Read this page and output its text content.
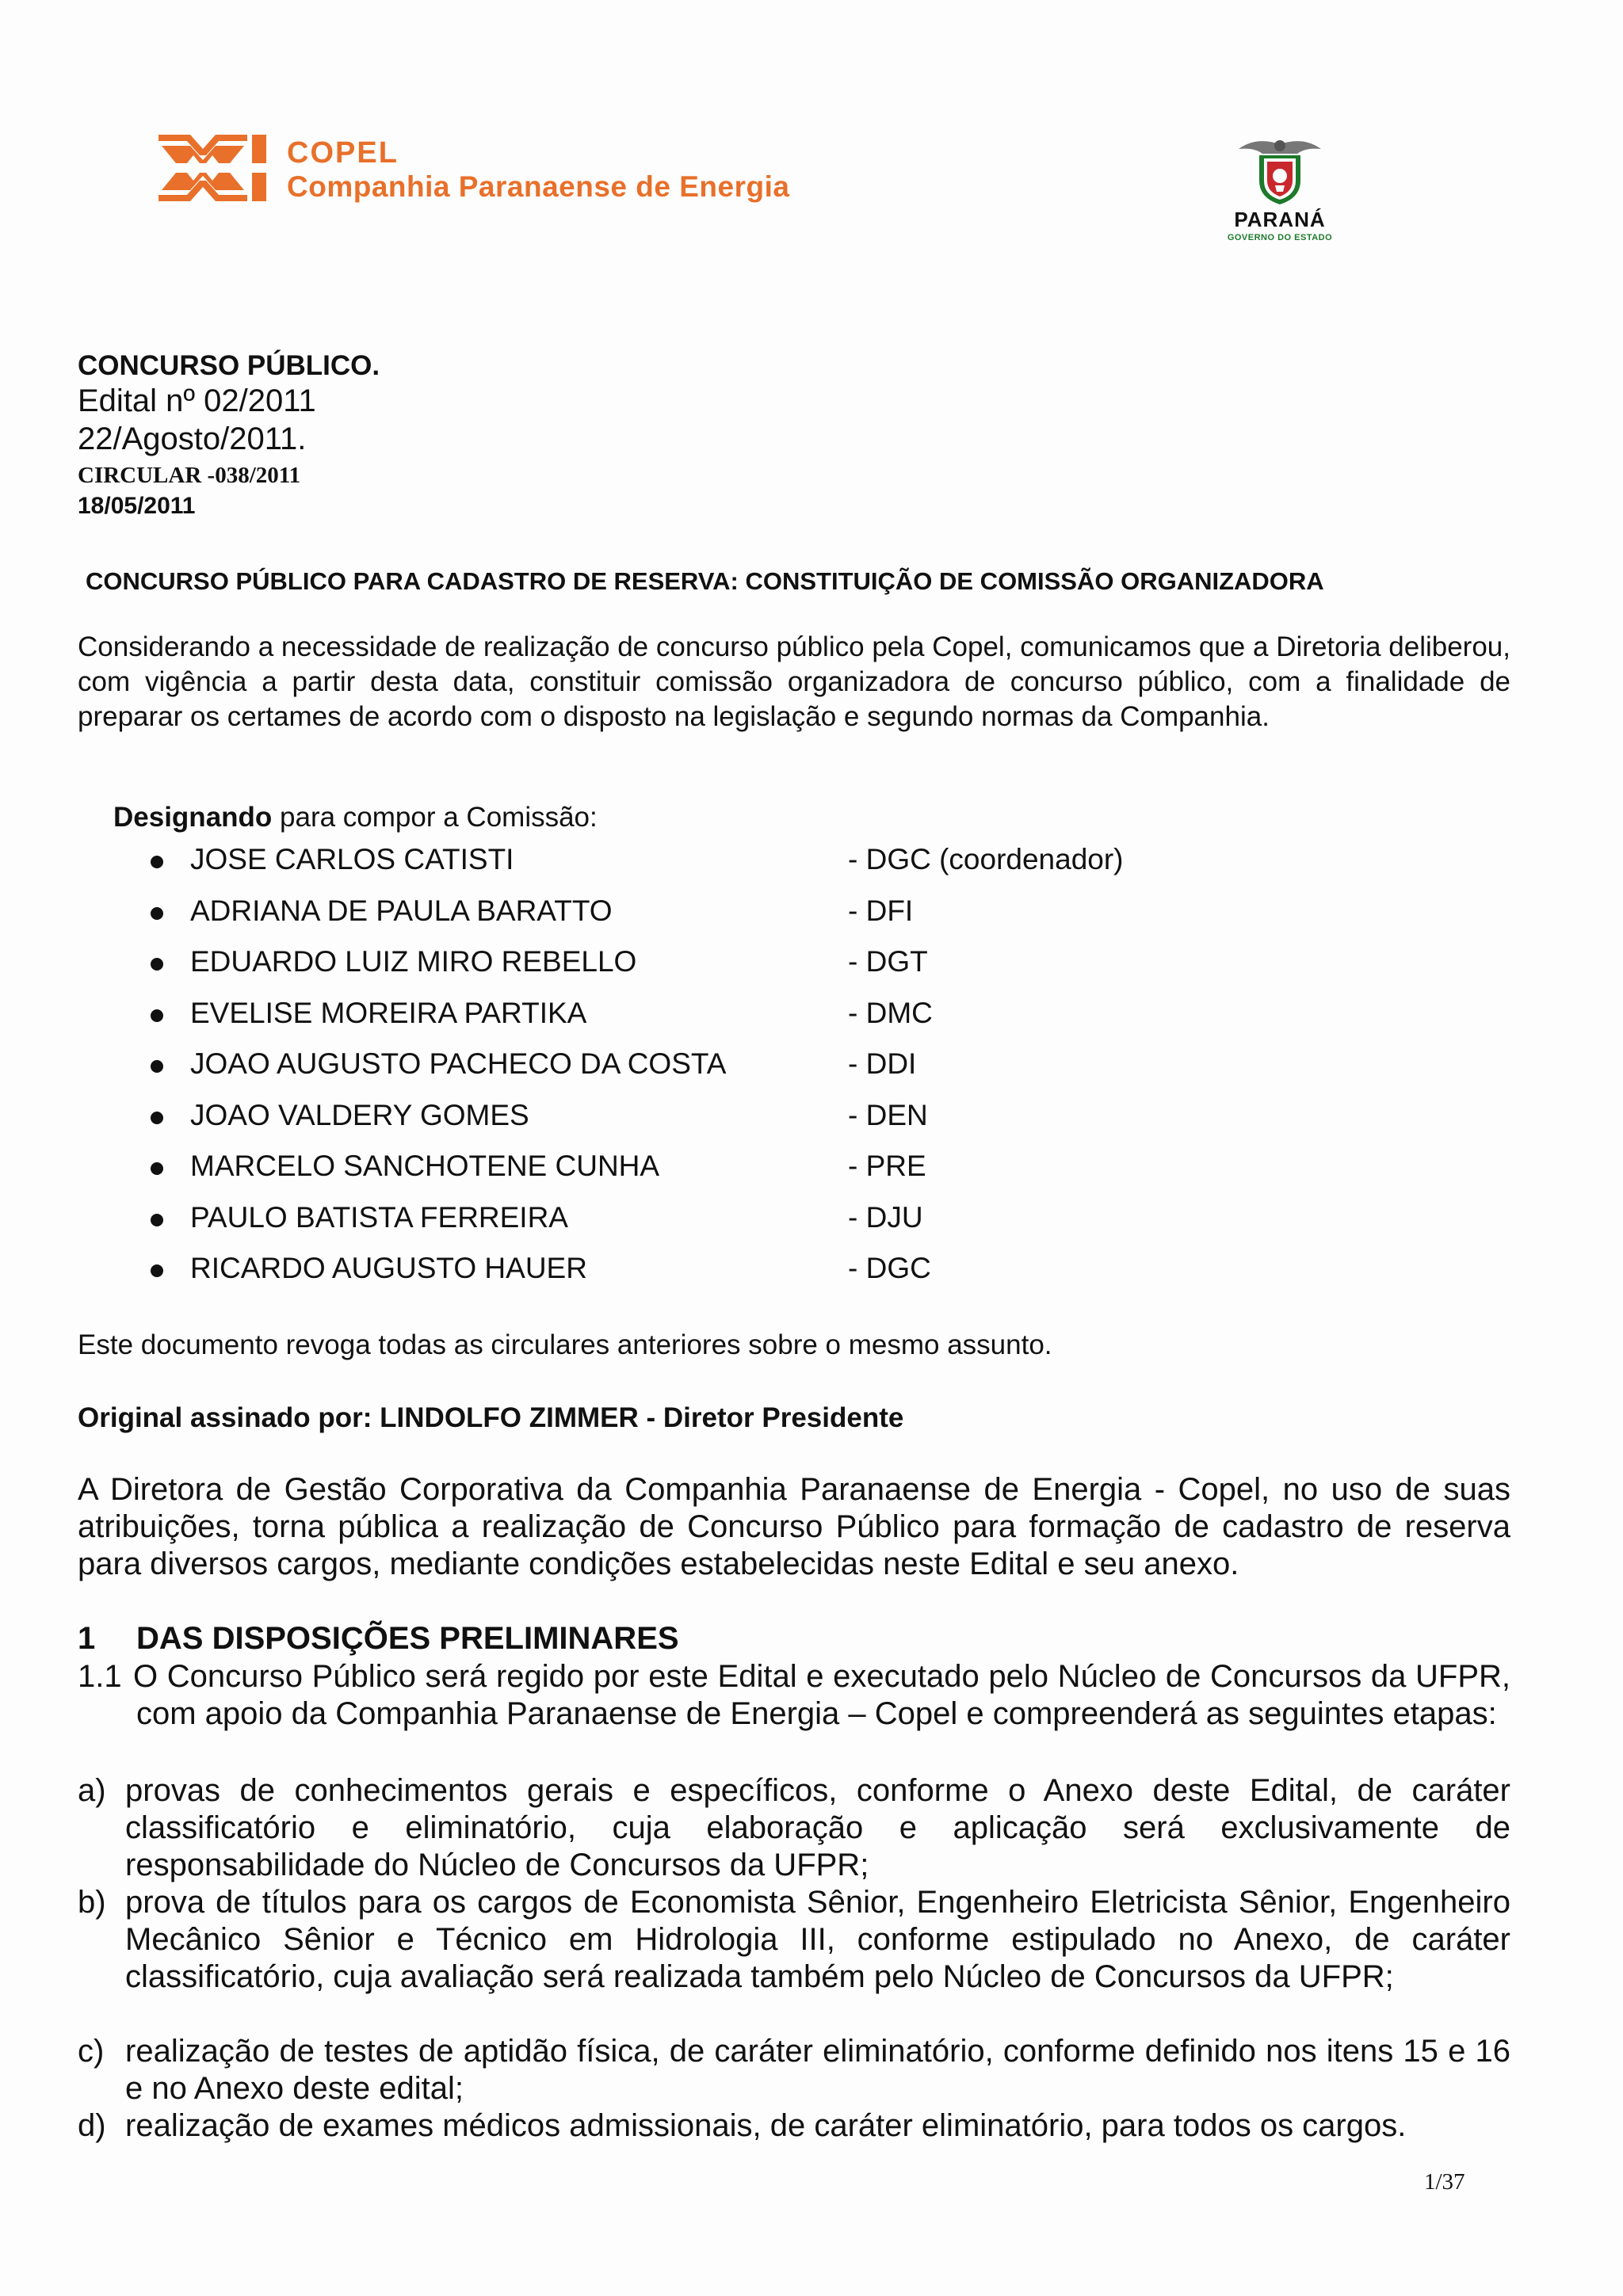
COPEL
Companhia Paranaense de Energia
PARANÁ
GOVERNO DO ESTADO

CONCURSO PÚBLICO.

Edital nº 02/2011

22/Agosto/2011.

CIRCULAR -038/2011

18/05/2011

CONCURSO PÚBLICO PARA CADASTRO DE RESERVA: CONSTITUIÇÃO DE COMISSÃO ORGANIZADORA

Considerando a necessidade de realização de concurso público pela Copel, comunicamos que a Diretoria deliberou, com vigência a partir desta data, constituir comissão organizadora de concurso público, com a finalidade de preparar os certames de acordo com o disposto na legislação e segundo normas da Companhia.

Designando para compor a Comissão:

JOSE CARLOS CATISTI	- DGC (coordenador)
ADRIANA DE PAULA BARATTO	- DFI
EDUARDO LUIZ MIRO REBELLO	- DGT
EVELISE MOREIRA PARTIKA	- DMC
JOAO AUGUSTO PACHECO DA COSTA	- DDI
JOAO VALDERY GOMES	- DEN
MARCELO SANCHOTENE CUNHA	- PRE
PAULO BATISTA FERREIRA	- DJU
RICARDO AUGUSTO HAUER	- DGC

Este documento revoga todas as circulares anteriores sobre o mesmo assunto.

Original assinado por: LINDOLFO ZIMMER - Diretor Presidente

A Diretora de Gestão Corporativa da Companhia Paranaense de Energia - Copel, no uso de suas atribuições, torna pública a realização de Concurso Público para formação de cadastro de reserva para diversos cargos, mediante condições estabelecidas neste Edital e seu anexo.

1 DAS DISPOSIÇÕES PRELIMINARES

1.1 O Concurso Público será regido por este Edital e executado pelo Núcleo de Concursos da UFPR, com apoio da Companhia Paranaense de Energia – Copel e compreenderá as seguintes etapas:

a) provas de conhecimentos gerais e específicos, conforme o Anexo deste Edital, de caráter classificatório e eliminatório, cuja elaboração e aplicação será exclusivamente de responsabilidade do Núcleo de Concursos da UFPR;

b) prova de títulos para os cargos de Economista Sênior, Engenheiro Eletricista Sênior, Engenheiro Mecânico Sênior e Técnico em Hidrologia III, conforme estipulado no Anexo, de caráter classificatório, cuja avaliação será realizada também pelo Núcleo de Concursos da UFPR;

c) realização de testes de aptidão física, de caráter eliminatório, conforme definido nos itens 15 e 16 e no Anexo deste edital;

d) realização de exames médicos admissionais, de caráter eliminatório, para todos os cargos.

1/37
